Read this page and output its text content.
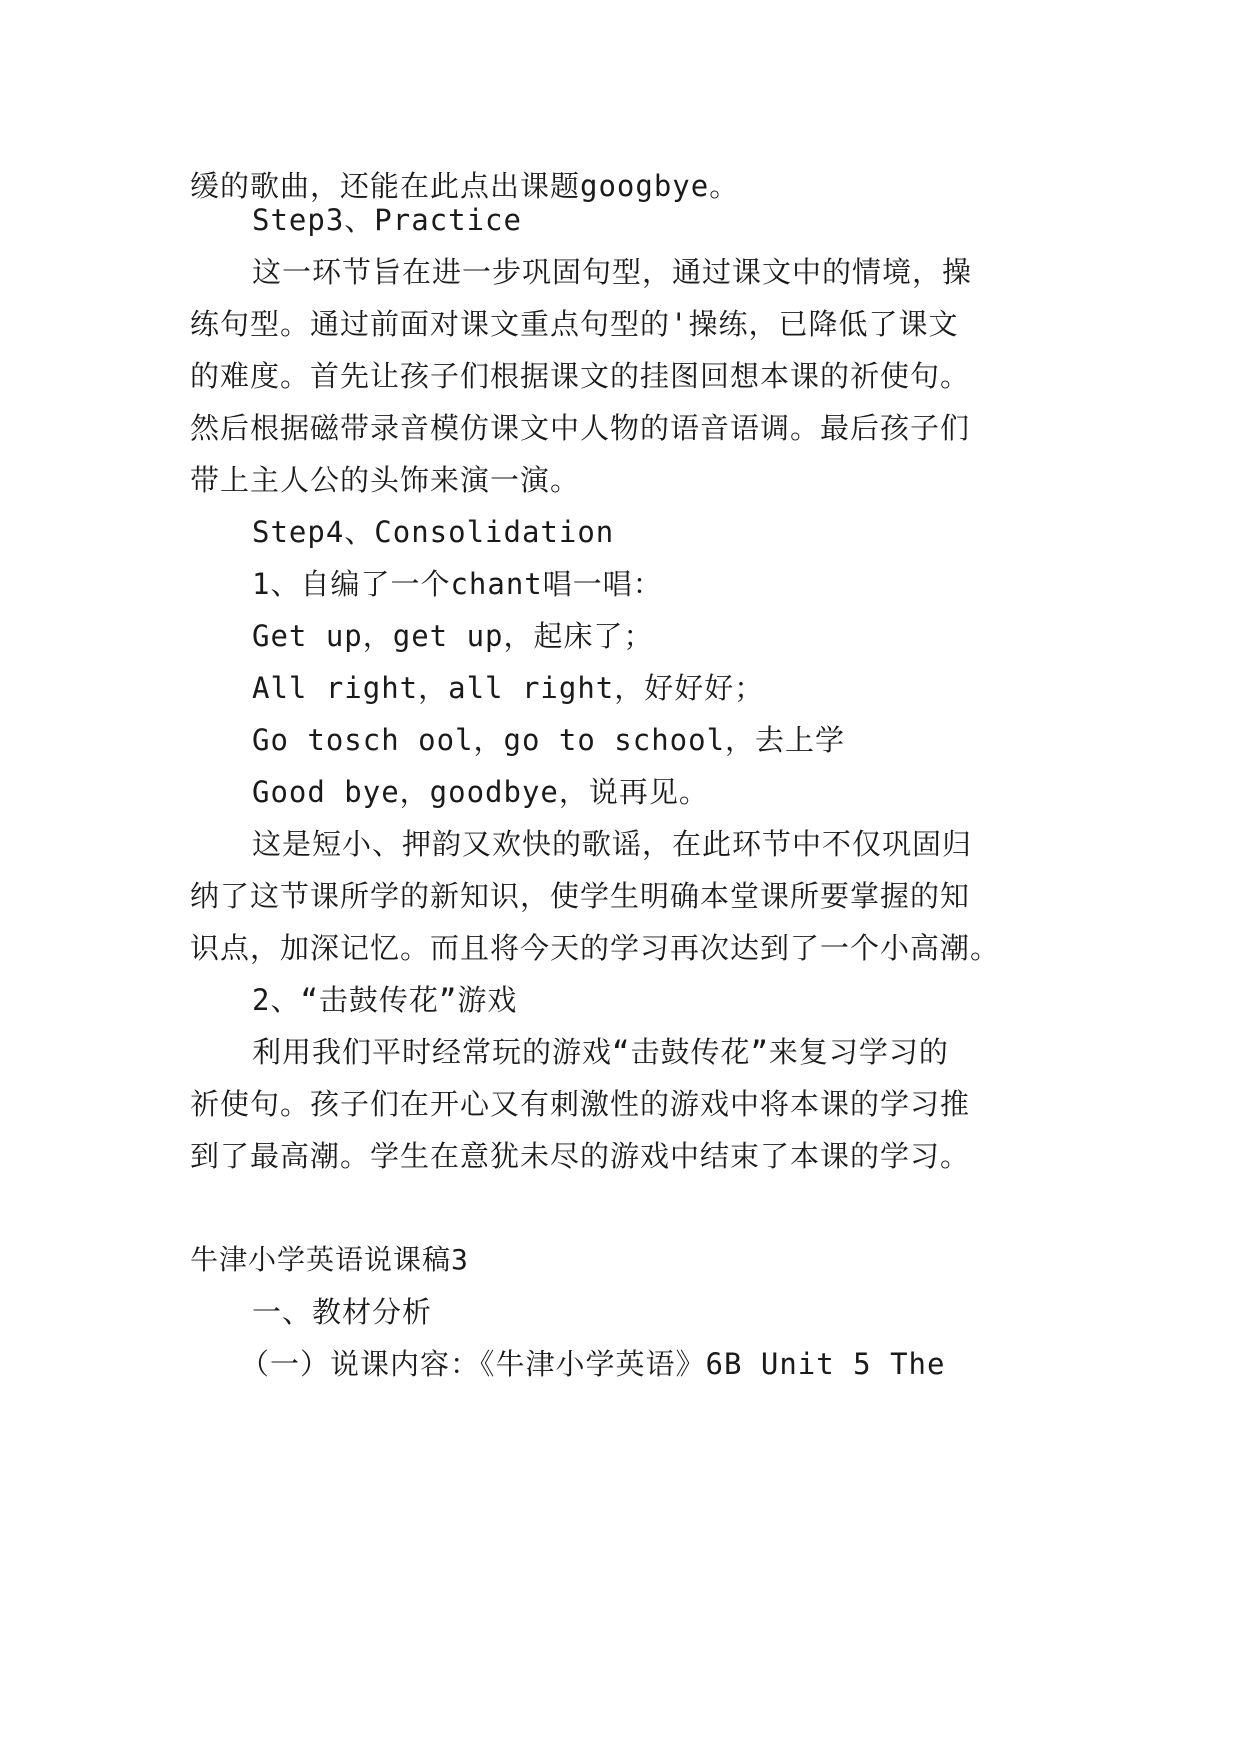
缓的歌曲，还能在此点出课题googbye。
Step3、Practice
这一环节旨在进一步巩固句型，通过课文中的情境，操
练句型。通过前面对课文重点句型的'操练，已降低了课文
的难度。首先让孩子们根据课文的挂图回想本课的祈使句。
然后根据磁带录音模仿课文中人物的语音语调。最后孩子们
带上主人公的头饰来演一演。
Step4、Consolidation
1、自编了一个chant唱一唱：
Get up，get up，起床了；
All right，all right，好好好；
Go tosch ool，go to school，去上学
Good bye，goodbye，说再见。
这是短小、押韵又欢快的歌谣，在此环节中不仅巩固归
纳了这节课所学的新知识，使学生明确本堂课所要掌握的知
识点，加深记忆。而且将今天的学习再次达到了一个小高潮。
2、“击鼓传花”游戏
利用我们平时经常玩的游戏“击鼓传花”来复习学习的
祈使句。孩子们在开心又有刺激性的游戏中将本课的学习推
到了最高潮。学生在意犹未尽的游戏中结束了本课的学习。
牛津小学英语说课稿3
一、教材分析
（一）说课内容：《牛津小学英语》6B Unit 5 The
